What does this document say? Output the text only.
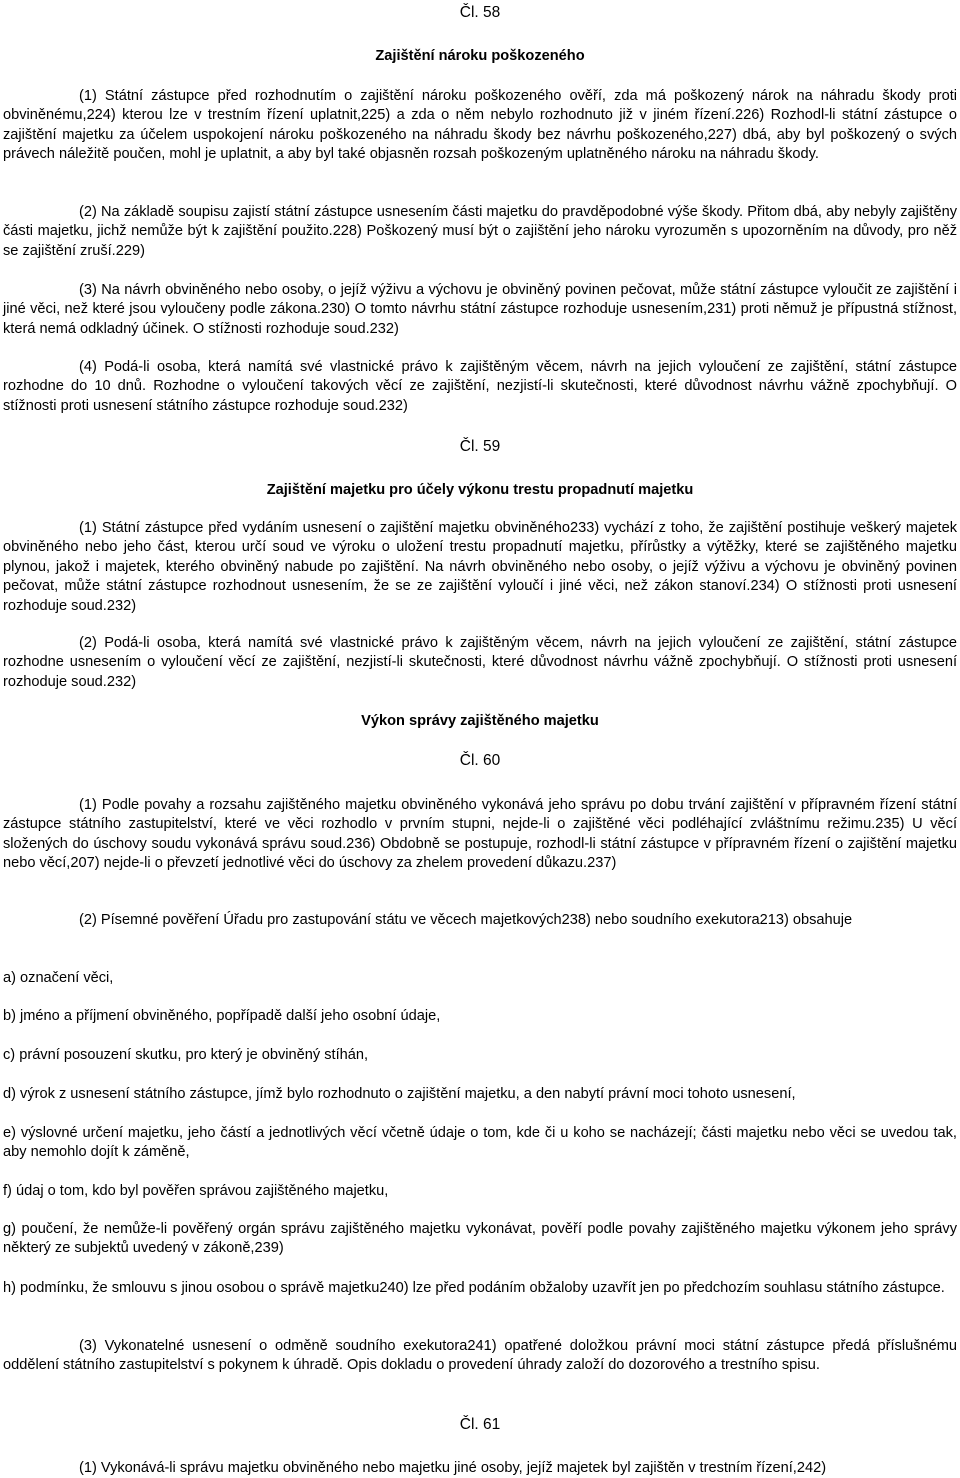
Čl. 58
Zajištění nároku poškozeného

(1) Státní zástupce před rozhodnutím o zajištění nároku poškozeného ověří, zda má poškozený nárok na náhradu škody proti obviněnému,224) kterou lze v trestním řízení uplatnit,225) a zda o něm nebylo rozhodnuto již v jiném řízení.226) Rozhodl-li státní zástupce o zajištění majetku za účelem uspokojení nároku poškozeného na náhradu škody bez návrhu poškozeného,227) dbá, aby byl poškozený o svých právech náležitě poučen, mohl je uplatnit, a aby byl také objasněn rozsah poškozeným uplatněného nároku na náhradu škody.

(2) Na základě soupisu zajistí státní zástupce usnesením části majetku do pravděpodobné výše škody. Přitom dbá, aby nebyly zajištěny části majetku, jichž nemůže být k zajištění použito.228) Poškozený musí být o zajištění jeho nároku vyrozuměn s upozorněním na důvody, pro něž se zajištění zruší.229)

(3) Na návrh obviněného nebo osoby, o jejíž výživu a výchovu je obviněný povinen pečovat, může státní zástupce vyloučit ze zajištění i jiné věci, než které jsou vyloučeny podle zákona.230) O tomto návrhu státní zástupce rozhoduje usnesením,231) proti němuž je přípustná stížnost, která nemá odkladný účinek. O stížnosti rozhoduje soud.232)

(4) Podá-li osoba, která namítá své vlastnické právo k zajištěným věcem, návrh na jejich vyloučení ze zajištění, státní zástupce rozhodne do 10 dnů. Rozhodne o vyloučení takových věcí ze zajištění, nezjistí-li skutečnosti, které důvodnost návrhu vážně zpochybňují. O stížnosti proti usnesení státního zástupce rozhoduje soud.232)

Čl. 59
Zajištění majetku pro účely výkonu trestu propadnutí majetku

(1) Státní zástupce před vydáním usnesení o zajištění majetku obviněného233) vychází z toho, že zajištění postihuje veškerý majetek obviněného nebo jeho část, kterou určí soud ve výroku o uložení trestu propadnutí majetku, přírůstky a výtěžky, které se zajištěného majetku plynou, jakož i majetek, kterého obviněný nabude po zajištění. Na návrh obviněného nebo osoby, o jejíž výživu a výchovu je obviněný povinen pečovat, může státní zástupce rozhodnout usnesením, že se ze zajištění vyloučí i jiné věci, než zákon stanoví.234) O stížnosti proti usnesení rozhoduje soud.232)

(2) Podá-li osoba, která namítá své vlastnické právo k zajištěným věcem, návrh na jejich vyloučení ze zajištění, státní zástupce rozhodne usnesením o vyloučení věcí ze zajištění, nezjistí-li skutečnosti, které důvodnost návrhu vážně zpochybňují. O stížnosti proti usnesení rozhoduje soud.232)

Výkon správy zajištěného majetku
Čl. 60

(1) Podle povahy a rozsahu zajištěného majetku obviněného vykonává jeho správu po dobu trvání zajištění v přípravném řízení státní zástupce státního zastupitelství, které ve věci rozhodlo v prvním stupni, nejde-li o zajištěné věci podléhající zvláštnímu režimu.235) U věcí složených do úschovy soudu vykonává správu soud.236) Obdobně se postupuje, rozhodl-li státní zástupce v přípravném řízení o zajištění majetku nebo věcí,207) nejde-li o převzetí jednotlivé věci do úschovy za zhelem provedení důkazu.237)

(2) Písemné pověření Úřadu pro zastupování státu ve věcech majetkových238) nebo soudního exekutora213) obsahuje

a) označení věci,

b) jméno a příjmení obviněného, popřípadě další jeho osobní údaje,

c) právní posouzení skutku, pro který je obviněný stíhán,

d) výrok z usnesení státního zástupce, jímž bylo rozhodnuto o zajištění majetku, a den nabytí právní moci tohoto usnesení,

e) výslovné určení majetku, jeho částí a jednotlivých věcí včetně údaje o tom, kde či u koho se nacházejí; části majetku nebo věci se uvedou tak, aby nemohlo dojít k záměně,

f) údaj o tom, kdo byl pověřen správou zajištěného majetku,

g) poučení, že nemůže-li pověřený orgán správu zajištěného majetku vykonávat, pověří podle povahy zajištěného majetku výkonem jeho správy některý ze subjektů uvedený v zákoně,239)

h) podmínku, že smlouvu s jinou osobou o správě majetku240) lze před podáním obžaloby uzavřít jen po předchozím souhlasu státního zástupce.

(3) Vykonatelné usnesení o odměně soudního exekutora241) opatřené doložkou právní moci státní zástupce předá příslušnému oddělení státního zastupitelství s pokynem k úhradě. Opis dokladu o provedení úhrady založí do dozorového a trestního spisu.

Čl. 61

(1) Vykonává-li správu majetku obviněného nebo majetku jiné osoby, jejíž majetek byl zajištěn v trestním řízení,242)
